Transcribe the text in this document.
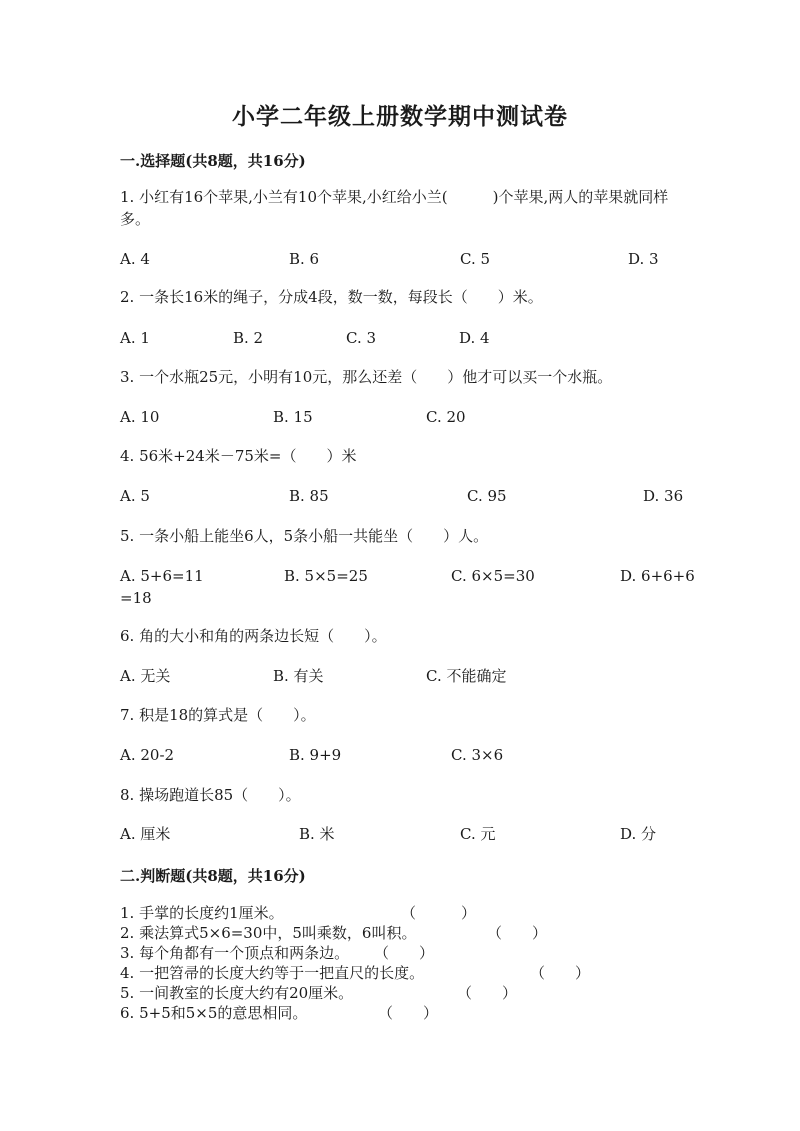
小学二年级上册数学期中测试卷
一.选择题(共8题，共16分)

1. 小红有16个苹果,小兰有10个苹果,小红给小兰(　　　)个苹果,两人的苹果就同样多。

A. 4	B. 6	C. 5	D. 3

2. 一条长16米的绳子，分成4段，数一数，每段长（　　）米。

A. 1	B. 2	C. 3	D. 4

3. 一个水瓶25元，小明有10元，那么还差（　　）他才可以买一个水瓶。

A. 10	B. 15	C. 20

4. 56米+24米－75米=（　　）米

A. 5	B. 85	C. 95	D. 36

5. 一条小船上能坐6人，5条小船一共能坐（　　）人。

A. 5+6=11	B. 5×5=25	C. 6×5=30	D. 6+6+6
=18

6. 角的大小和角的两条边长短（　　）。

A. 无关	B. 有关	C. 不能确定

7. 积是18的算式是（　　）。

A. 20-2	B. 9+9	C. 3×6

8. 操场跑道长85（　　）。

A. 厘米	B. 米	C. 元	D. 分
二.判断题(共8题，共16分)
1. 手掌的长度约1厘米。	（　　　）
2. 乘法算式5×6=30中，5叫乘数，6叫积。	（　　）
3. 每个角都有一个顶点和两条边。 （　　）
4. 一把笤帚的长度大约等于一把直尺的长度。	（　　）
5. 一间教室的长度大约有20厘米。	（　　）
6. 5+5和5×5的意思相同。	（　　）
